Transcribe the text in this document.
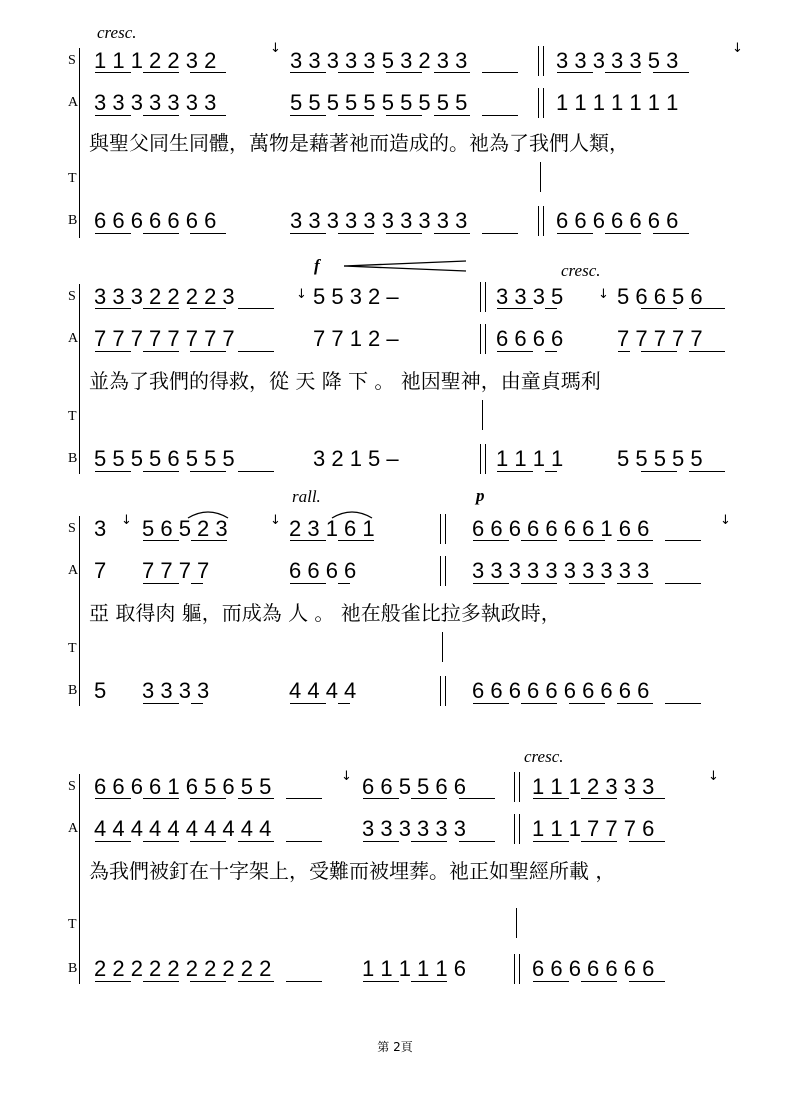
cresc.
S 1 1 1 2 2 3 2	↓ 3 3 3 3 3 5 3 2 3 3	3 3 3 3 3 5 3	↓
A 3 3 3 3 3 3 3	5 5 5 5 5 5 5 5 5 5	1 1 1 1 1 1 1
與聖父同生同體，萬物是藉著祂而造成的。祂為了我們人類，
T
B 6 6 6 6 6 6 6	3 3 3 3 3 3 3 3 3 3	6 6 6 6 6 6 6
f	cresc.
S 3 3 3 2 2 2 2 3	↓ 5 5 3 2 –	3 3 3 5	↓ 5 6 6 5 6
A 7 7 7 7 7 7 7 7	7 7 1 2 –	6 6 6 6 7 7 7 7 7
並為了我們的得救，從 天 降 下 。 祂因聖神，由童貞瑪利
T
B 5 5 5 5 6 5 5 5	3 2 1 5 –	1 1 1 1 5 5 5 5 5
rall.	p
S 3 ↓ 5 6 5 2 3	↓ 2 3 1 6 1	6 6 6 6 6 6 6 1 6 6	↓
A 7 7 7 7 7	6 6 6 6	3 3 3 3 3 3 3 3 3 3
亞 取得肉 軀，而成為 人 。 祂在般雀比拉多執政時，
T
B 5 3 3 3 3	4 4 4 4	6 6 6 6 6 6 6 6 6 6
cresc.
S 6 6 6 6 1 6 5 6 5 5	↓ 6 6 5 5 6 6	1 1 1 2 3 3 3	↓
A 4 4 4 4 4 4 4 4 4 4	3 3 3 3 3 3	1 1 1 7 7 7 6
為我們被釘在十字架上，受難而被埋葬。祂正如聖經所載 ，
T
B 2 2 2 2 2 2 2 2 2 2	1 1 1 1 1 6	6 6 6 6 6 6 6
第 2頁
